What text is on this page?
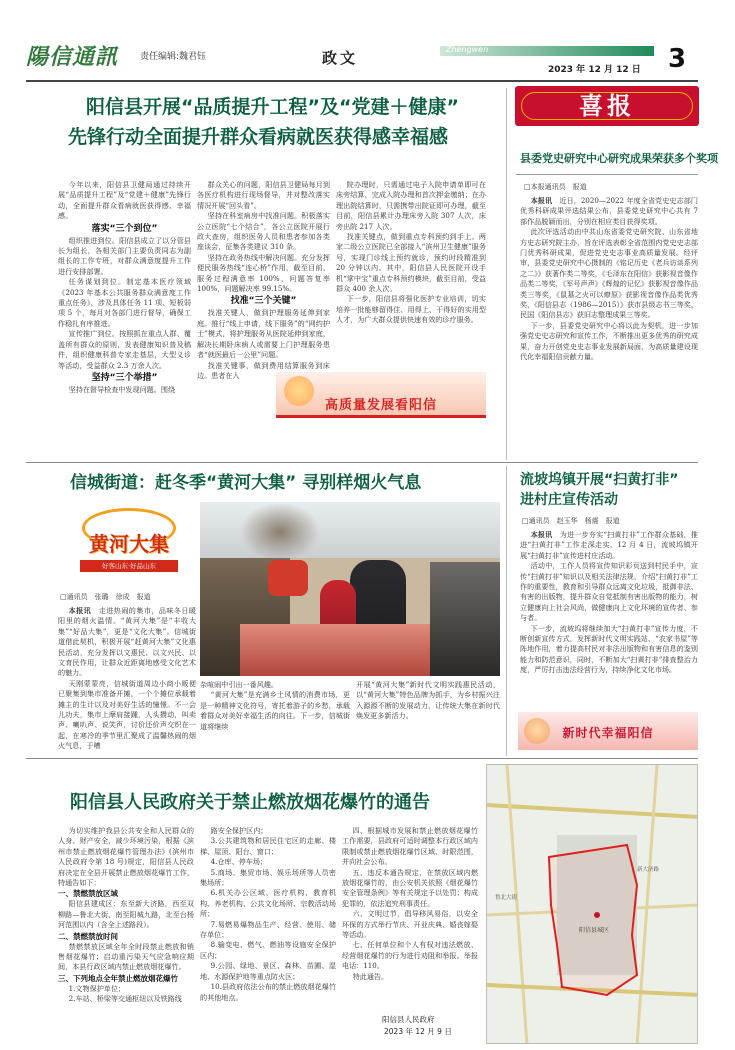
陽信通訊	责任编辑:魏君钰	政文	Zhengwen
2023 年 12 月 12 日	3
阳信县开展“品质提升工程”及“党建＋健康”
先锋行动全面提升群众看病就医获得感幸福感

今年以来，阳信县卫健局通过持续开展“品质提升工程”及“党建＋健康”先锋行动，全面提升群众看病就医获得感、幸福感。

落实“三个到位”

组织推进到位。阳信县成立了以分管县长为组长，各相关部门主要负责同志为副组长的工作专班，对群众满意度提升工作进行安排部署。

任务谋划到位。制定基本医疗领域《2023 年基本公共服务群众满意度工作重点任务》，涉及具体任务 11 项、短板弱项 5 个，每月对各部门进行督导，确保工作稳扎有序推进。

宣传推广到位。按照抓在重点人群、覆盖所有群众的原则，发表健康知识普及稿件，组织健康科普专家走基层，大型义诊等活动，受益群众 2.3 万余人次。

坚持“三个举措”

坚持在督导检查中发现问题。围绕

群众关心的问题，阳信县卫健局每月到各医疗机构进行现场督导，并对整改落实情况开展“回头看”。

坚持在科室病房中找准问题。积极落实公立医院“七个结合”，各公立医院开展行政大查房，组织医务人员和患者参加各类座谈会，征集各类建议 310 条。

坚持在政务热线中解决问题。充分发挥便民服务热线“连心桥”作用，截至目前，服务过程满意率 100%，问题答复率 100%，问题解决率 99.15%。

找准“三个关键”

找准关键人，做到护理服务延伸到家庭。推行“线上申请，线下服务”的“网约护士”模式，将护理服务从医院延伸到家庭，解决长期卧床病人或需要上门护理服务患者“就医最后一公里”问题。

找准关键事，做到费用结算服务到床边。患者在入

院办理时，只需通过电子入院申请单即可在床旁结算，完成入院办理和首次押金缴纳；在办理出院结算时，只需携带出院证即可办理，截至目前，阳信县累计办理床旁入院 307 人次，床旁出院 217 人次。

找准关键点，做到重点专科预约到手上。两家二级公立医院已全部接入“滨州卫生健康”服务号，实现门诊线上预约就诊，预约时段精准到 20 分钟以内。其中，阳信县人民医院开设手机“掌中宝”重点专科预约模块，截至目前，受益群众 400 余人次。

下一步，阳信县将强化医护专业培训，切实培养一批能够留得住、用得上、干得好的实用型人才，为广大群众提供快速有效的诊疗服务。

高质量发展看阳信
喜报
县委党史研究中心研究成果荣获多个奖项
□本报通讯员　报道

本报讯　 近日，2020—2022 年度全省党史史志部门优秀科研成果评选结果公布，县委党史研究中心共有 7 部作品脱颖而出，分别在相应类目获得奖项。

此次评选活动由中共山东省委党史研究院、山东省地方史志研究院主办，旨在评选表彰全省范围内党史史志部门优秀科研成果，促进党史史志事业高质量发展。经评审，县委党史研究中心摄制的《铭记历史《老兵访谈系列之二》》获著作类二等奖，《毛泽东在阳信》获影视音像作品类二等奖，《军号声声》《辉煌的记忆》获影视音像作品类三等奖，《鼠墓之火可以燎原》获影视音像作品类优秀奖，《阳信县志（1986—2015）》获市县级志书三等奖，民国《阳信县志》获旧志整理成果三等奖。

下一步，县委党史研究中心将以此为契机，进一步加强党史史志研究和宣传工作，不断推出更多优秀的研究成果，奋力开创党史史志事业发展新局面，为高质量建设现代化幸福阳信贡献力量。

信城街道：赶冬季“黄河大集” 寻别样烟火气息
黄河大集
好客山东·好品山东
□通讯员　张璐　徐成　报道

本报讯　 走进热闹的集市，品味冬日暖阳里的烟火温情。“黄河大集”是“丰收大集”“好品大集”，更是“文化大集”。信城街道借此契机，积极开展“赶黄河大集”文化惠民活动，充分发挥以文惠民、以文兴民、以文育民作用，让群众近距离地感受文化艺术的魅力。

天刚蒙蒙亮，信城街道周边小商小贩便已聚集到集市准备开摊，一个个摊位承载着摊主的生计以及对美好生活的憧憬。不一会儿功夫，集市上摩肩接踵，人头攒动，叫卖声、喇叭声、说笑声，讨价还价声交织在一起，在寒冷的季节里汇聚成了温馨热闹的烟火气息，于嘈

杂喧闹中引出一番风趣。

“黄河大集”是充满乡土风情的消费市场，更是一种精神文化符号，寄托着游子的乡愁，承载着群众对美好幸福生活的向往。下一步，信城街道将继续

开展“黄河大集”新时代文明实践惠民活动，以“黄河大集”特色品牌为抓手，为乡村振兴注入源源不断的发展动力，让传统大集在新时代焕发更多新活力。

流坡坞镇开展“扫黄打非”
进村庄宣传活动
□通讯员　赵玉华　杨震　报道

本报讯　 为进一步夯实“扫黄打非”工作群众基础，推进“扫黄打非”工作走深走实，12 月 4 日，流坡坞镇开展“扫黄打非”宣传进村庄活动。

活动中，工作人员将宣传知识彩页送到村民手中，宣传“扫黄打非”知识以及相关法律法规，介绍“扫黄打非”工作的重要性，教育和引导群众远离文化垃圾，抵御非法、有害的出版物，提升群众自觉抵制有害出版物的能力，树立健康向上社会风尚，做健康向上文化环境的宣传者、参与者。

下一步，流坡坞将继续加大“扫黄打非”宣传力度，不断创新宣传方式，发挥新时代文明实践站、“农家书屋”等阵地作用，着力提高村民对非法出版物和有害信息的鉴别能力和防范意识，同时，不断加大“扫黄打非”排查整治力度，严厉打击违法经营行为，持续净化文化市场。

新时代幸福阳信
阳信县人民政府关于禁止燃放烟花爆竹的通告

为切实维护我县公共安全和人民群众的人身、财产安全，减少环境污染，根据《滨州市禁止燃放烟花爆竹管理办法》(滨州市人民政府令第 18 号)规定，阳信县人民政府决定在全县开展禁止燃放烟花爆竹工作，特通告如下：

一、禁燃禁放区域

阳信县建成区：东至新大济路，西至双柳路—鲁北大街，南至阳城九路，北至台杨河范围以内（含全上述路段）。

二、禁燃禁放时间

禁燃禁放区域全年全时段禁止燃放和销售烟花爆竹；启动重污染天气应急响应期间，本县行政区域内禁止燃放烟花爆竹。

三、下列地点全年禁止燃放烟花爆竹

1.文物保护单位；

2.车站、桥梁等交通枢纽以及铁路线

路安全保护区内；

3.公共建筑物和居民住宅区的走廊、楼梯、屋顶、阳台、窗口；

4.仓库、停车场；

5.商场、集贸市场、娱乐场所等人员密集场所；

6.机关办公区域、医疗机构、教育机构、养老机构、公共文化场所、宗教活动场所；

7.易燃易爆物品生产、经营、使用、储存单位；

8.输变电、燃气、燃油等设施安全保护区内；

9.公园、绿地、景区、森林、苗圃、湿地、水源保护地等重点防火区；

10.县政府依法公布的禁止燃放烟花爆竹的其他地点。

四、根据城市发展和禁止燃放烟花爆竹工作需要，县政府可适时调整本行政区域内限制或禁止燃放烟花爆竹区域、时限范围，并向社会公布。

五、违反本通告规定，在禁放区域内燃放烟花爆竹的，由公安机关依照《烟花爆竹安全管理条例》等有关规定予以处罚；构成犯罪的，依法追究刑事责任。

六、文明过节，倡导移风易俗，以安全环保的方式举行节庆、开业庆典、婚丧嫁娶等活动。

七、任何单位和个人有权对违法燃放、经营烟花爆竹的行为进行劝阻和举报。举报电话：110。

特此通告。

阳信县人民政府
2023 年 12 月 9 日
阳信县城区
鲁北大街
新大济路
